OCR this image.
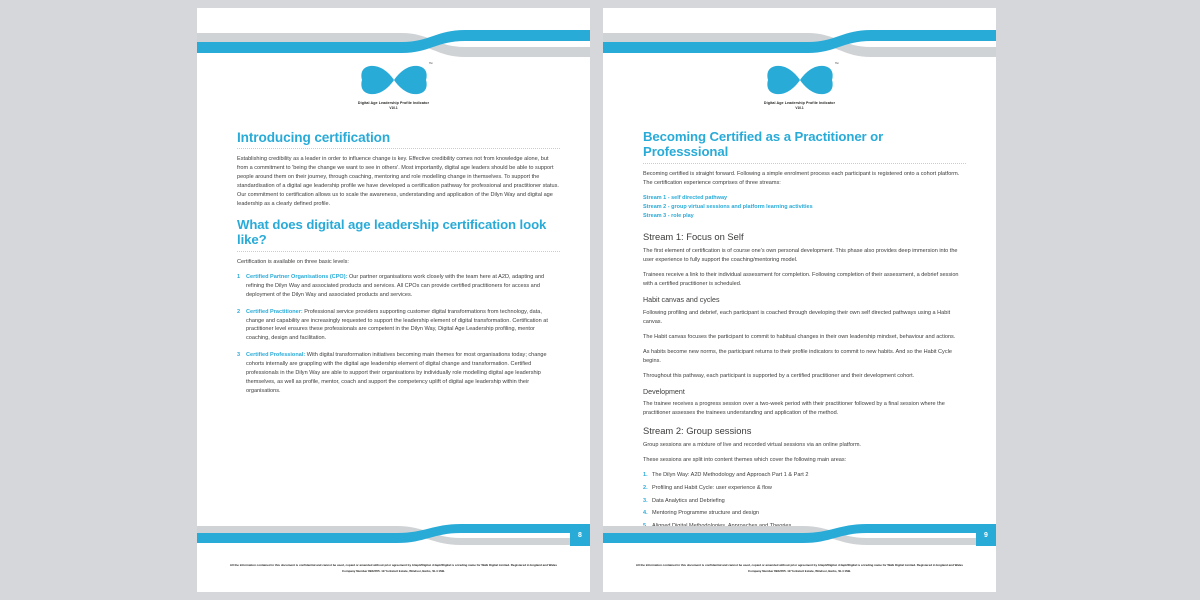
™
Digital Age Leadership Profile Indicator
V10.1
Introducing certification

Establishing credibility as a leader in order to influence change is key. Effective credibility comes not from knowledge alone, but from a commitment to 'being the change we want to see in others'. Most importantly, digital age leaders should be able to support people around them on their journey, through coaching, mentoring and role modelling change in themselves. To support the standardisation of a digital age leadership profile we have developed a certification pathway for professional and practitioner status. Our commitment to certification allows us to scale the awareness, understanding and application of the Dilyn Way and digital age leadership as a clearly defined profile.

What does digital age leadership certification look like?

Certification is available on three basic levels:

Certified Partner Organisations (CPO): Our partner organisations work closely with the team here at A2D, adapting and refining the Dilyn Way and associated products and services. All CPOs can provide certified practitioners for access and deployment of the Dilyn Way and associated products and services.
Certified Practitioner: Professional service providers supporting customer digital transformations from technology, data, change and capability are increasingly requested to support the leadership element of digital transformation. Certification at practitioner level ensures these professionals are competent in the Dilyn Way, Digital Age Leadership profiling, mentor coaching, design and facilitation.
Certified Professional: With digital transformation initiatives becoming main themes for most organisations today; change cohorts internally are grappling with the digital age leadership element of digital change and transformation. Certified professionals in the Dilyn Way are able to support their organisations by individually role modelling digital age leadership themselves, as well as profile, mentor, coach and support the competency uplift of digital age leadership within their organisations.
8
All the information contained in this document is confidential and cannot be used, copied or amended without prior agreement by A4apt2Digital. A4apt2Digital is a trading name for Walk Digital Limited. Registered in England and Wales Company Number 8932455. 19 Yorkstart Estate, Windsor, Berks, SL4 1SB.
™
Digital Age Leadership Profile Indicator
V10.1
Becoming Certified as a Practitioner or Professsional

Becoming certified is straight forward. Following a simple enrolment process each participant is registered onto a cohort platform. The certification experience comprises of three streams:

Stream 1 - self directed pathway
Stream 2 - group virtual sessions and platform learning activities
Stream 3 - role play
Stream 1: Focus on Self

The first element of certification is of course one's own personal development. This phase also provides deep immersion into the user experience to fully support the coaching/mentoring model.

Trainees receive a link to their individual assessment for completion. Following completion of their assessment, a debrief session with a certified practitioner is scheduled.

Habit canvas and cycles

Following profiling and debrief, each participant is coached through developing their own self directed pathways using a Habit canvas.

The Habit canvas focuses the participant to commit to habitual changes in their own leadership mindset, behaviour and actions.

As habits become new norms, the participant returns to their profile indicators to commit to new habits. And so the Habit Cycle begins.

Throughout this pathway, each participant is supported by a certified practitioner and their development cohort.

Development

The trainee receives a progress session over a two-week period with their practitioner followed by a final session where the practitioner assesses the trainees understanding and application of the method.

Stream 2: Group sessions

Group sessions are a mixture of live and recorded virtual sessions via an online platform.

These sessions are split into content themes which cover the following main areas:

The Dilyn Way: A2D Methodology and Approach Part 1 & Part 2
Profiling and Habit Cycle: user experience & flow
Data Analytics and Debriefing
Mentoring Programme structure and design
9
All the information contained in this document is confidential and cannot be used, copied or amended without prior agreement by A4apt2Digital. A4apt2Digital is a trading name for Walk Digital Limited. Registered in England and Wales Company Number 8932455. 19 Yorkstart Estate, Windsor, Berks, SL4 1SB.
